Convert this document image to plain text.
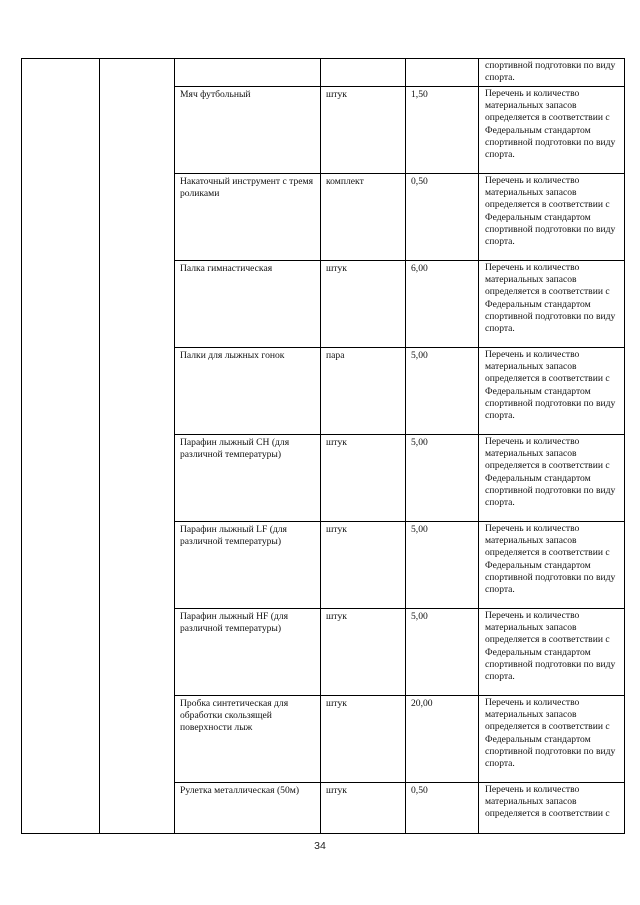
					спортивной подготовки по виду спорта.
		Мяч футбольный	штук	1,50	Перечень и количество материальных запасов определяется в соответствии с Федеральным стандартом спортивной подготовки по виду спорта.
		Накаточный инструмент с тремя роликами	комплект	0,50	Перечень и количество материальных запасов определяется в соответствии с Федеральным стандартом спортивной подготовки по виду спорта.
		Палка гимнастическая	штук	6,00	Перечень и количество материальных запасов определяется в соответствии с Федеральным стандартом спортивной подготовки по виду спорта.
		Палки для лыжных гонок	пара	5,00	Перечень и количество материальных запасов определяется в соответствии с Федеральным стандартом спортивной подготовки по виду спорта.
		Парафин лыжный CH (для различной температуры)	штук	5,00	Перечень и количество материальных запасов определяется в соответствии с Федеральным стандартом спортивной подготовки по виду спорта.
		Парафин лыжный LF (для различной температуры)	штук	5,00	Перечень и количество материальных запасов определяется в соответствии с Федеральным стандартом спортивной подготовки по виду спорта.
		Парафин лыжный HF (для различной температуры)	штук	5,00	Перечень и количество материальных запасов определяется в соответствии с Федеральным стандартом спортивной подготовки по виду спорта.
		Пробка синтетическая для обработки скользящей поверхности лыж	штук	20,00	Перечень и количество материальных запасов определяется в соответствии с Федеральным стандартом спортивной подготовки по виду спорта.
		Рулетка металлическая (50м)	штук	0,50	Перечень и количество материальных запасов определяется в соответствии с
34
